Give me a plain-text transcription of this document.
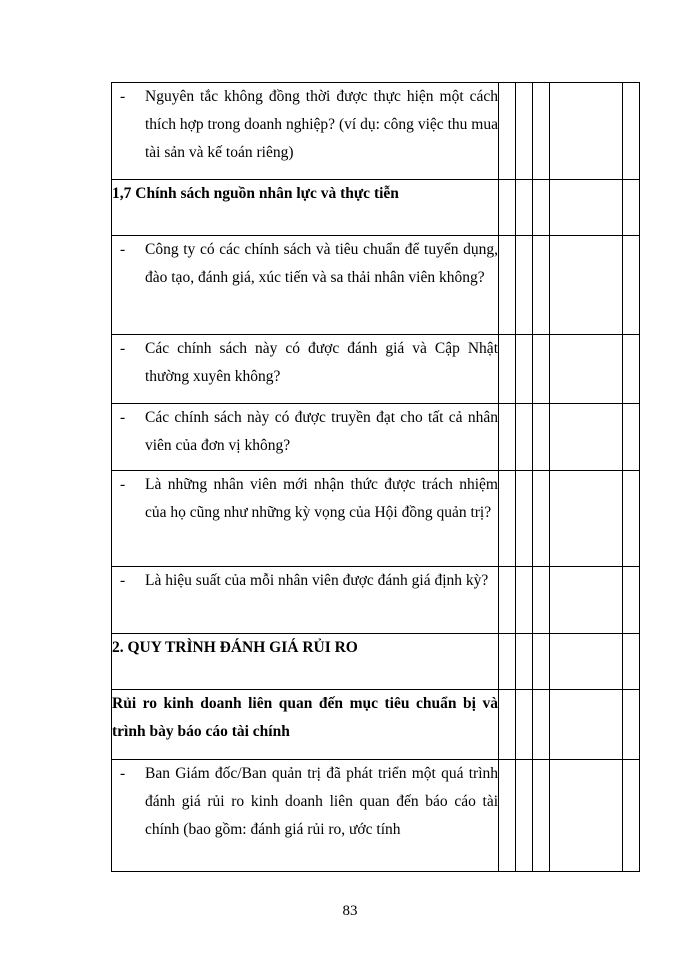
- Nguyên tắc không đồng thời được thực hiện một cách thích hợp trong doanh nghiệp? (ví dụ: công việc thu mua tài sản và kế toán riêng)					

1,7 Chính sách nguồn nhân lực và thực tiễn					

- Công ty có các chính sách và tiêu chuẩn để tuyển dụng, đào tạo, đánh giá, xúc tiến và sa thải nhân viên không?					

- Các chính sách này có được đánh giá và Cập Nhật thường xuyên không?					

- Các chính sách này có được truyền đạt cho tất cả nhân viên của đơn vị không?					

- Là những nhân viên mới nhận thức được trách nhiệm của họ cũng như những kỳ vọng của Hội đồng quản trị?					

- Là hiệu suất của mỗi nhân viên được đánh giá định kỳ?					

2. QUY TRÌNH ĐÁNH GIÁ RỦI RO					
Rủi ro kinh doanh liên quan đến mục tiêu chuẩn bị và trình bày báo cáo tài chính					

- Ban Giám đốc/Ban quản trị đã phát triển một quá trình đánh giá rủi ro kinh doanh liên quan đến báo cáo tài chính (bao gồm: đánh giá rủi ro, ước tính					

83
